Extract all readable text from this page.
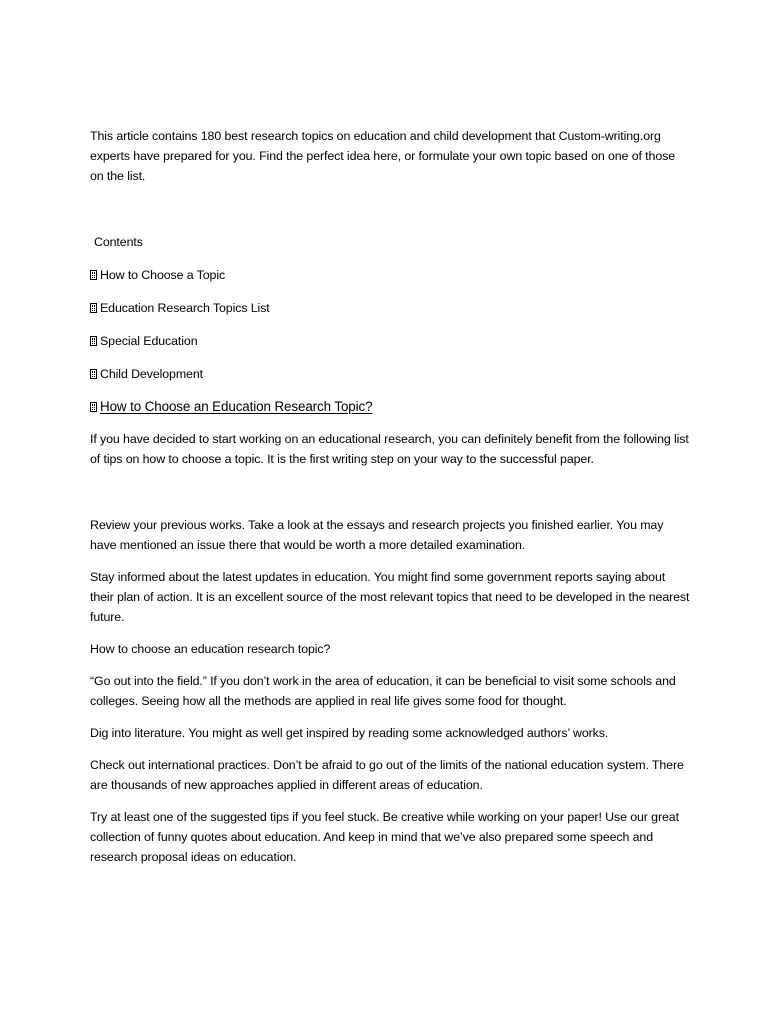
This article contains 180 best research topics on education and child development that Custom-writing.org experts have prepared for you. Find the perfect idea here, or formulate your own topic based on one of those on the list.

Contents

How to Choose a Topic
Education Research Topics List
Special Education
Child Development
How to Choose an Education Research Topic?

If you have decided to start working on an educational research, you can definitely benefit from the following list of tips on how to choose a topic. It is the first writing step on your way to the successful paper.

Review your previous works. Take a look at the essays and research projects you finished earlier. You may have mentioned an issue there that would be worth a more detailed examination.

Stay informed about the latest updates in education. You might find some government reports saying about their plan of action. It is an excellent source of the most relevant topics that need to be developed in the nearest future.

How to choose an education research topic?

“Go out into the field.” If you don’t work in the area of education, it can be beneficial to visit some schools and colleges. Seeing how all the methods are applied in real life gives some food for thought.

Dig into literature. You might as well get inspired by reading some acknowledged authors’ works.

Check out international practices. Don’t be afraid to go out of the limits of the national education system. There are thousands of new approaches applied in different areas of education.

Try at least one of the suggested tips if you feel stuck. Be creative while working on your paper! Use our great collection of funny quotes about education. And keep in mind that we’ve also prepared some speech and research proposal ideas on education.
